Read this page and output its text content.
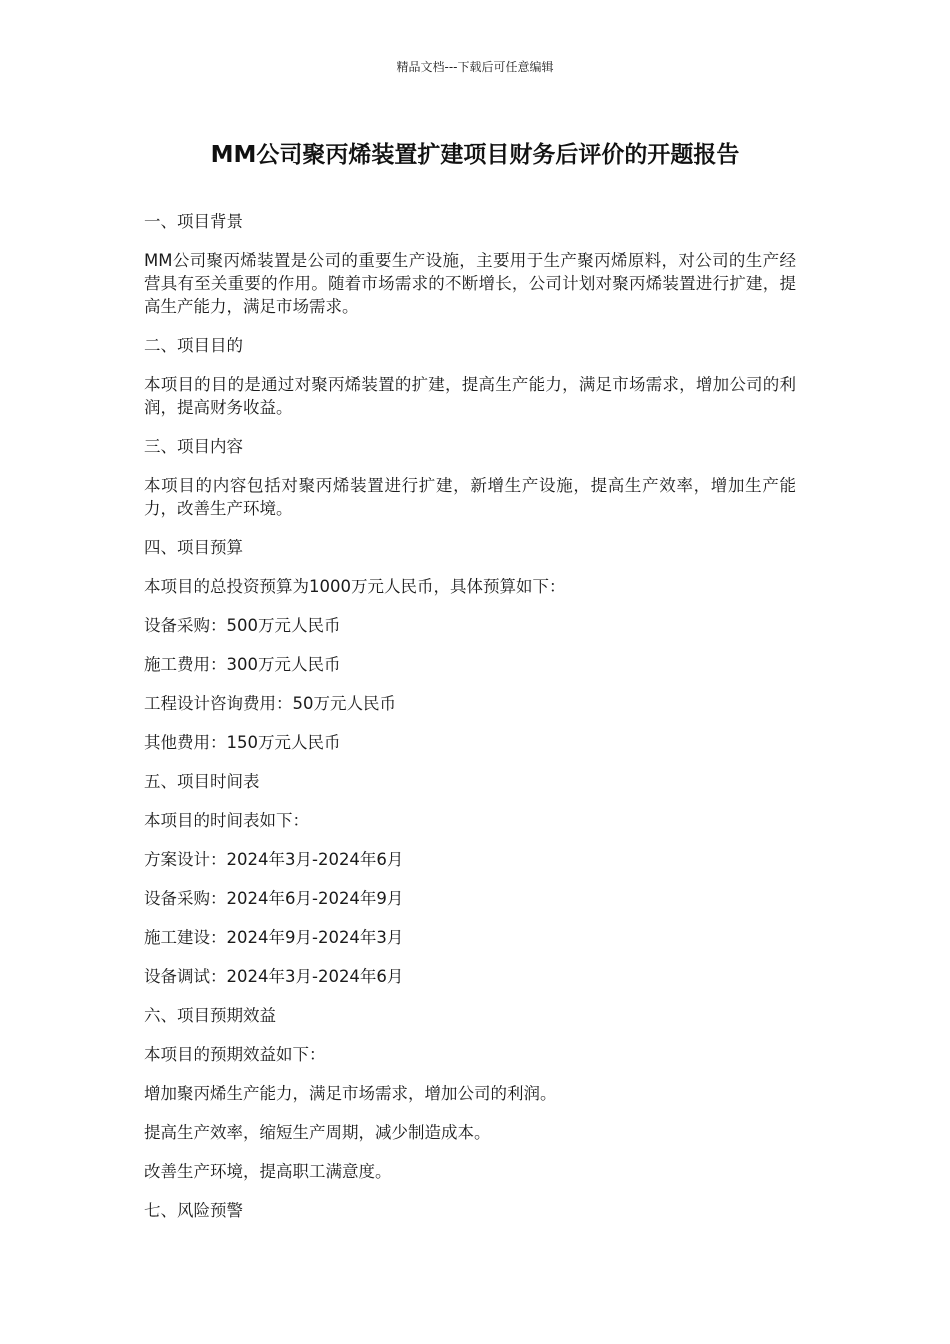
精品文档---下载后可任意编辑
MM公司聚丙烯装置扩建项目财务后评价的开题报告

一、项目背景

MM公司聚丙烯装置是公司的重要生产设施，主要用于生产聚丙烯原料，对公司的生产经营具有至关重要的作用。随着市场需求的不断增长，公司计划对聚丙烯装置进行扩建，提高生产能力，满足市场需求。

二、项目目的

本项目的目的是通过对聚丙烯装置的扩建，提高生产能力，满足市场需求，增加公司的利润，提高财务收益。

三、项目内容

本项目的内容包括对聚丙烯装置进行扩建，新增生产设施，提高生产效率，增加生产能力，改善生产环境。

四、项目预算

本项目的总投资预算为1000万元人民币，具体预算如下：

设备采购：500万元人民币

施工费用：300万元人民币

工程设计咨询费用：50万元人民币

其他费用：150万元人民币

五、项目时间表

本项目的时间表如下：

方案设计：2024年3月-2024年6月

设备采购：2024年6月-2024年9月

施工建设：2024年9月-2024年3月

设备调试：2024年3月-2024年6月

六、项目预期效益

本项目的预期效益如下：

增加聚丙烯生产能力，满足市场需求，增加公司的利润。

提高生产效率，缩短生产周期，减少制造成本。

改善生产环境，提高职工满意度。

七、风险预警
